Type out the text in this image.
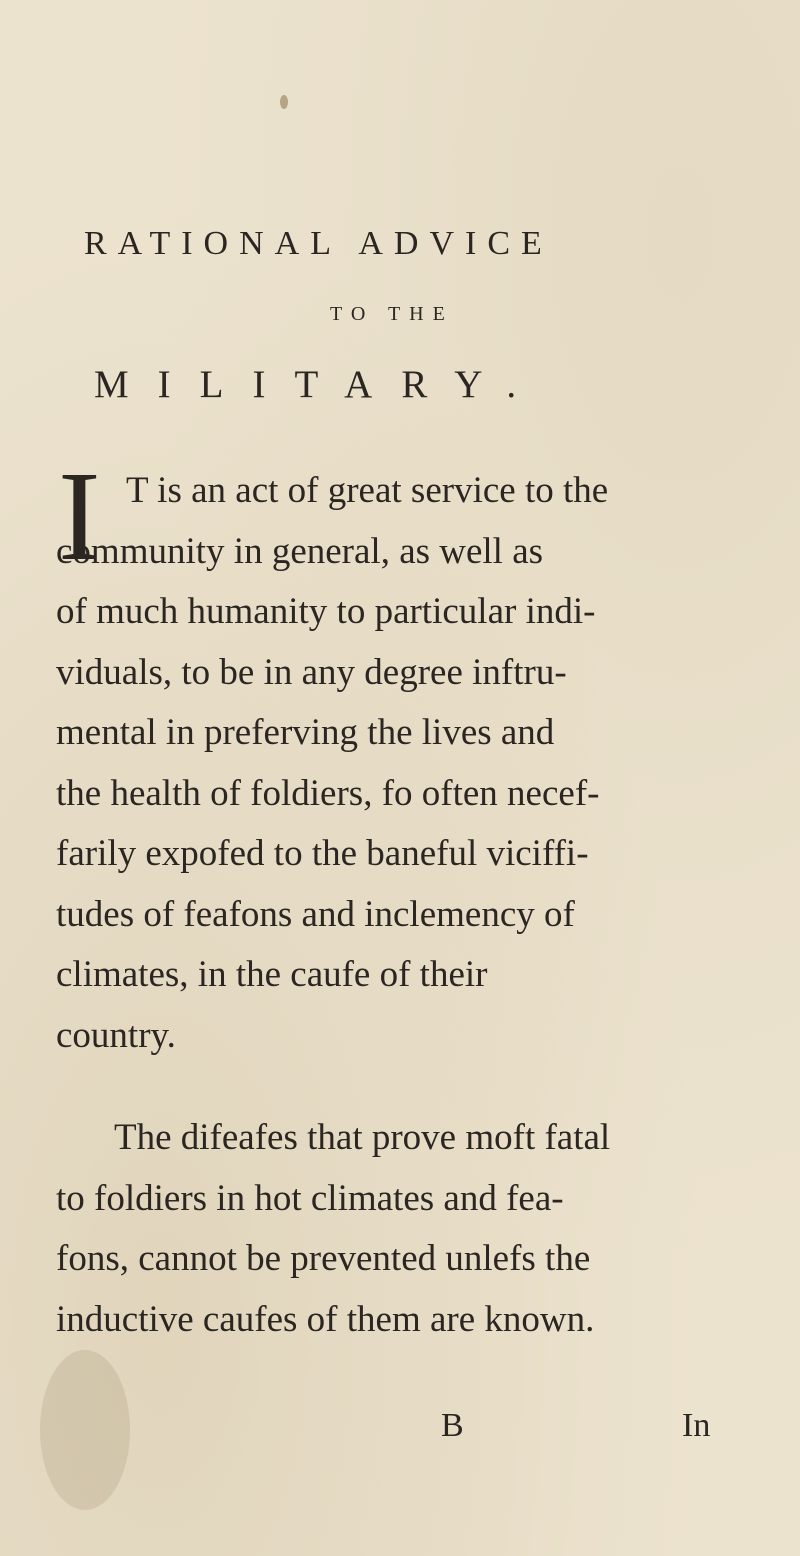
RATIONAL ADVICE
TO THE
MILITARY.
I T is an act of great service to the
community in general, as well as
of much humanity to particular indi-
viduals, to be in any degree inftru-
mental in preferving the lives and
the health of foldiers, fo often necef-
farily expofed to the baneful viciffi-
tudes of feafons and inclemency of
climates, in the caufe of their
country.

The difeafes that prove moft fatal
to foldiers in hot climates and fea-
fons, cannot be prevented unlefs the
inductive caufes of them are known.

B	In
